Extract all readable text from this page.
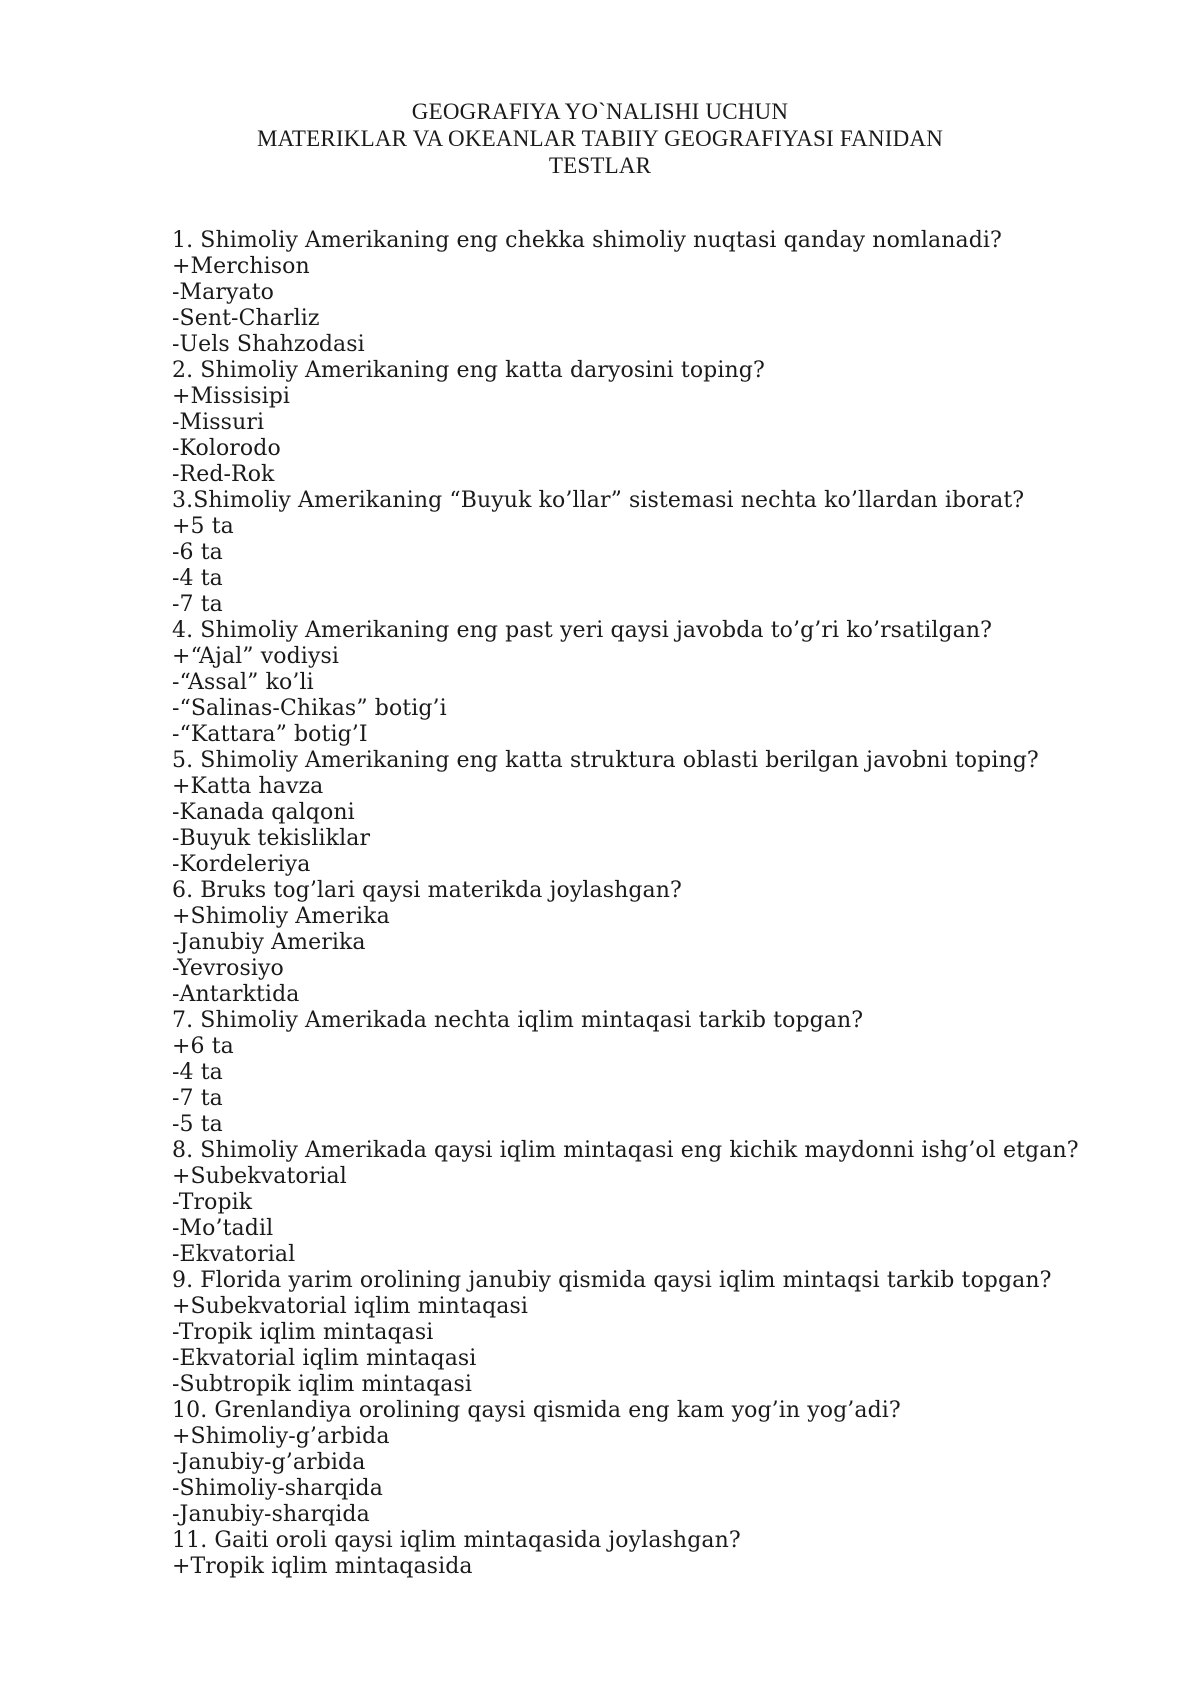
GEOGRAFIYA YO`NALISHI UCHUN
MATERIKLAR VA OKEANLAR TABIIY GEOGRAFIYASI FANIDAN
TESTLAR
1. Shimoliy Amerikaning eng chekka shimoliy nuqtasi qanday nomlanadi?
+Merchison
-Maryato
-Sent-Charliz
-Uels Shahzodasi
2. Shimoliy Amerikaning eng katta daryosini toping?
+Missisipi
-Missuri
-Kolorodo
-Red-Rok
3.Shimoliy Amerikaning “Buyuk ko’llar” sistemasi nechta ko’llardan iborat?
+5 ta
-6 ta
-4 ta
-7 ta
4. Shimoliy Amerikaning eng past yeri qaysi javobda to’g’ri ko’rsatilgan?
+“Ajal” vodiysi
-“Assal” ko’li
-“Salinas-Chikas” botig’i
-“Kattara” botig’I
5. Shimoliy Amerikaning eng katta struktura oblasti berilgan javobni toping?
+Katta havza
-Kanada qalqoni
-Buyuk tekisliklar
-Kordeleriya
6. Bruks tog’lari qaysi materikda joylashgan?
+Shimoliy Amerika
-Janubiy Amerika
-Yevrosiyo
-Antarktida
7. Shimoliy Amerikada nechta iqlim mintaqasi tarkib topgan?
+6 ta
-4 ta
-7 ta
-5 ta
8. Shimoliy Amerikada qaysi iqlim mintaqasi eng kichik maydonni ishg’ol etgan?
+Subekvatorial
-Tropik
-Mo’tadil
-Ekvatorial
9. Florida yarim orolining janubiy qismida qaysi iqlim mintaqsi tarkib topgan?
+Subekvatorial iqlim mintaqasi
-Tropik iqlim mintaqasi
-Ekvatorial iqlim mintaqasi
-Subtropik iqlim mintaqasi
10. Grenlandiya orolining qaysi qismida eng kam yog’in yog’adi?
+Shimoliy-g’arbida
-Janubiy-g’arbida
-Shimoliy-sharqida
-Janubiy-sharqida
11. Gaiti oroli qaysi iqlim mintaqasida joylashgan?
+Tropik iqlim mintaqasida
